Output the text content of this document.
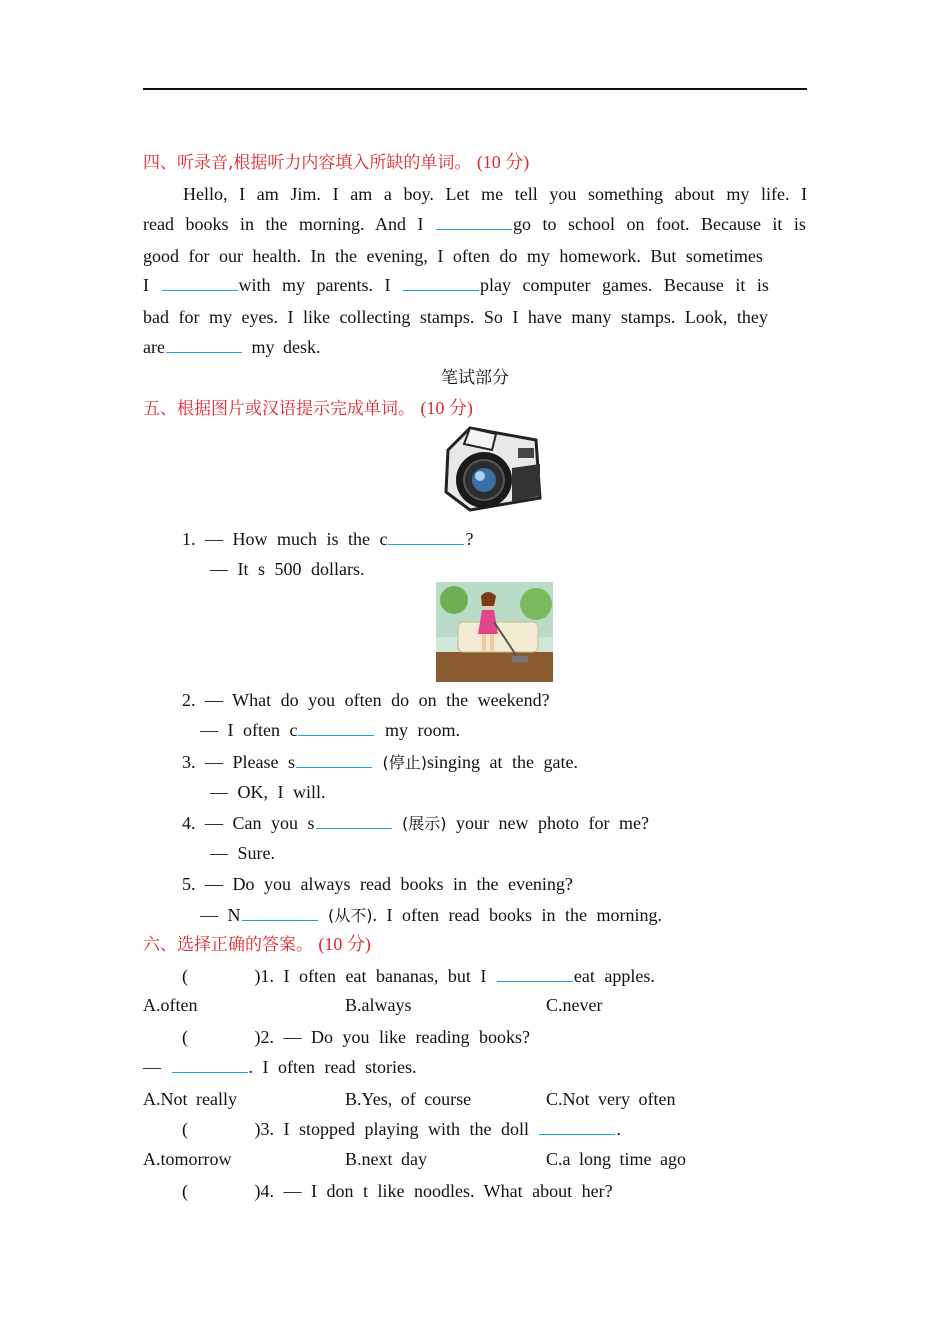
四、听录音,根据听力内容填入所缺的单词。 (10 分)
Hello, I am Jim. I am a boy. Let me tell you something about my life. I
read books in the morning. And I	go to school on foot. Because it is
good for our health. In the evening, I often do my homework. But sometimes
I	with my parents. I	play computer games. Because it is
bad for my eyes. I like collecting stamps. So I have many stamps. Look, they
are	my desk.
笔试部分
五、根据图片或汉语提示完成单词。 (10 分)
1. — How much is the c	?
— It s 500 dollars.
2. — What do you often do on the weekend?
— I often c	my room.
3. — Please s	(停止)singing at the gate.
— OK, I will.
4. — Can you s	(展示) your new photo for me?
— Sure.
5. — Do you always read books in the evening?
— N	(从不). I often read books in the morning.
六、选择正确的答案。 (10 分)
(	)1. I often eat bananas, but I	eat apples.
A.often	B.always	C.never
(	)2. — Do you like reading books?
—	. I often read stories.
A.Not really	B.Yes, of course	C.Not very often
(	)3. I stopped playing with the doll	.
A.tomorrow	B.next day	C.a long time ago
(	)4. — I don t like noodles. What about her?
